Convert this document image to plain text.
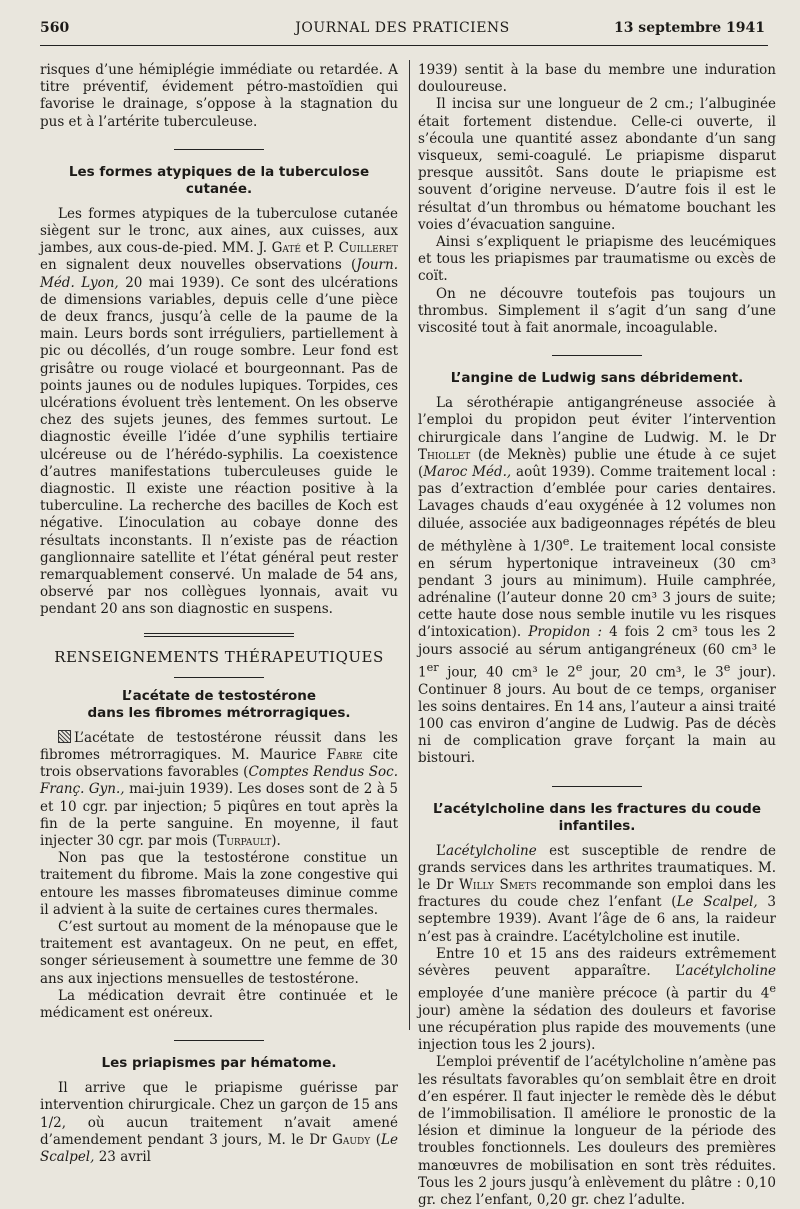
560	JOURNAL DES PRATICIENS	13 septembre 1941

risques d’une hémiplégie immédiate ou retardée. A titre préventif, évidement pétro-mastoïdien qui favorise le drainage, s’oppose à la stagnation du pus et à l’artérite tuberculeuse.

Les formes atypiques de la tuberculose cutanée.

Les formes atypiques de la tuberculose cutanée siègent sur le tronc, aux aines, aux cuisses, aux jambes, aux cous-de-pied. MM. J. Gaté et P. Cuilleret en signalent deux nouvelles observations (Journ. Méd. Lyon, 20 mai 1939). Ce sont des ulcérations de dimensions variables, depuis celle d’une pièce de deux francs, jusqu’à celle de la paume de la main. Leurs bords sont irréguliers, partiellement à pic ou décollés, d’un rouge sombre. Leur fond est grisâtre ou rouge violacé et bourgeonnant. Pas de points jaunes ou de nodules lupiques. Torpides, ces ulcérations évoluent très lentement. On les observe chez des sujets jeunes, des femmes surtout. Le diagnostic éveille l’idée d’une syphilis tertiaire ulcéreuse ou de l’hérédo-syphilis. La coexistence d’autres manifestations tuberculeuses guide le diagnostic. Il existe une réaction positive à la tuberculine. La recherche des bacilles de Koch est négative. L’inoculation au cobaye donne des résultats inconstants. Il n’existe pas de réaction ganglionnaire satellite et l’état général peut rester remarquablement conservé. Un malade de 54 ans, observé par nos collègues lyonnais, avait vu pendant 20 ans son diagnostic en suspens.

RENSEIGNEMENTS THÉRAPEUTIQUES
L’acétate de testostérone
dans les fibromes métrorragiques.

L’acétate de testostérone réussit dans les fibromes métrorragiques. M. Maurice Fabre cite trois observations favorables (Comptes Rendus Soc. Franç. Gyn., mai-juin 1939). Les doses sont de 2 à 5 et 10 cgr. par injection; 5 piqûres en tout après la fin de la perte sanguine. En moyenne, il faut injecter 30 cgr. par mois (Turpault).

Non pas que la testostérone constitue un traitement du fibrome. Mais la zone congestive qui entoure les masses fibromateuses diminue comme il advient à la suite de certaines cures thermales.

C’est surtout au moment de la ménopause que le traitement est avantageux. On ne peut, en effet, songer sérieusement à soumettre une femme de 30 ans aux injections mensuelles de testostérone.

La médication devrait être continuée et le médicament est onéreux.

Les priapismes par hématome.

Il arrive que le priapisme guérisse par intervention chirurgicale. Chez un garçon de 15 ans 1/2, où aucun traitement n’avait amené d’amendement pendant 3 jours, M. le Dr Gaudy (Le Scalpel, 23 avril

1939) sentit à la base du membre une induration douloureuse.

Il incisa sur une longueur de 2 cm.; l’albuginée était fortement distendue. Celle-ci ouverte, il s’écoula une quantité assez abondante d’un sang visqueux, semi-coagulé. Le priapisme disparut presque aussitôt. Sans doute le priapisme est souvent d’origine nerveuse. D’autre fois il est le résultat d’un thrombus ou hématome bouchant les voies d’évacuation sanguine.

Ainsi s’expliquent le priapisme des leucémiques et tous les priapismes par traumatisme ou excès de coït.

On ne découvre toutefois pas toujours un thrombus. Simplement il s’agit d’un sang d’une viscosité tout à fait anormale, incoagulable.

L’angine de Ludwig sans débridement.

La sérothérapie antigangréneuse associée à l’emploi du propidon peut éviter l’intervention chirurgicale dans l’angine de Ludwig. M. le Dr Thiollet (de Meknès) publie une étude à ce sujet (Maroc Méd., août 1939). Comme traitement local : pas d’extraction d’emblée pour caries dentaires. Lavages chauds d’eau oxygénée à 12 volumes non diluée, associée aux badigeonnages répétés de bleu de méthylène à 1/30e. Le traitement local consiste en sérum hypertonique intraveineux (30 cm³ pendant 3 jours au minimum). Huile camphrée, adrénaline (l’auteur donne 20 cm³ 3 jours de suite; cette haute dose nous semble inutile vu les risques d’intoxication). Propidon : 4 fois 2 cm³ tous les 2 jours associé au sérum antigangréneux (60 cm³ le 1er jour, 40 cm³ le 2e jour, 20 cm³, le 3e jour). Continuer 8 jours. Au bout de ce temps, organiser les soins dentaires. En 14 ans, l’auteur a ainsi traité 100 cas environ d’angine de Ludwig. Pas de décès ni de complication grave forçant la main au bistouri.

L’acétylcholine dans les fractures du coude infantiles.

L’acétylcholine est susceptible de rendre de grands services dans les arthrites traumatiques. M. le Dr Willy Smets recommande son emploi dans les fractures du coude chez l’enfant (Le Scalpel, 3 septembre 1939). Avant l’âge de 6 ans, la raideur n’est pas à craindre. L’acétylcholine est inutile.

Entre 10 et 15 ans des raideurs extrêmement sévères peuvent apparaître. L’acétylcholine employée d’une manière précoce (à partir du 4e jour) amène la sédation des douleurs et favorise une récupération plus rapide des mouvements (une injection tous les 2 jours).

L’emploi préventif de l’acétylcholine n’amène pas les résultats favorables qu’on semblait être en droit d’en espérer. Il faut injecter le remède dès le début de l’immobilisation. Il améliore le pronostic de la lésion et diminue la longueur de la période des troubles fonctionnels. Les douleurs des premières manœuvres de mobilisation en sont très réduites. Tous les 2 jours jusqu’à enlèvement du plâtre : 0,10 gr. chez l’enfant, 0,20 gr. chez l’adulte.
